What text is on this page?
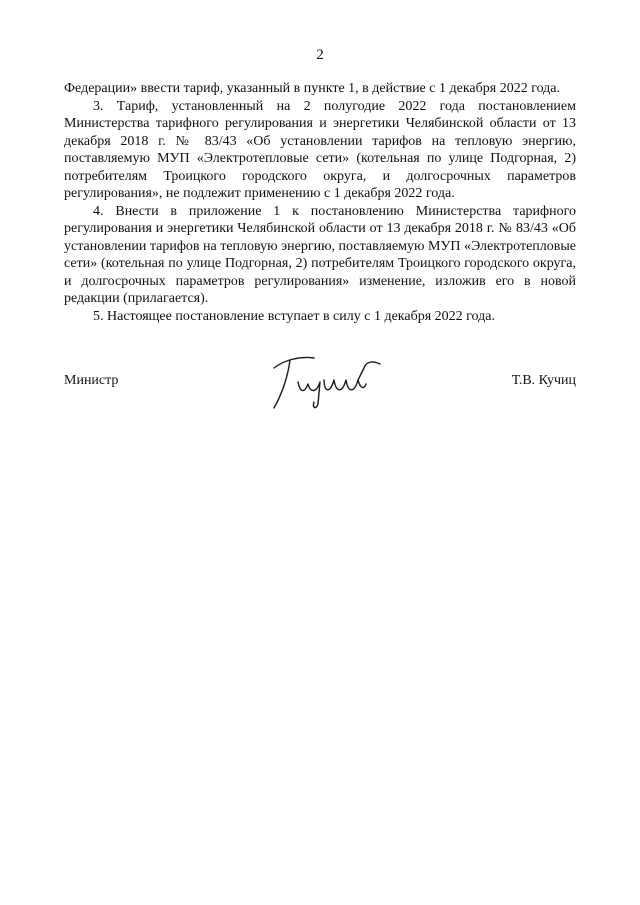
2

Федерации» ввести тариф, указанный в пункте 1, в действие с 1 декабря 2022 года.

3. Тариф, установленный на 2 полугодие 2022 года постановлением Министерства тарифного регулирования и энергетики Челябинской области от 13 декабря 2018 г. № 83/43 «Об установлении тарифов на тепловую энергию, поставляемую МУП «Электротепловые сети» (котельная по улице Подгорная, 2) потребителям Троицкого городского округа, и долгосрочных параметров регулирования», не подлежит применению с 1 декабря 2022 года.

4. Внести в приложение 1 к постановлению Министерства тарифного регулирования и энергетики Челябинской области от 13 декабря 2018 г. № 83/43 «Об установлении тарифов на тепловую энергию, поставляемую МУП «Электротепловые сети» (котельная по улице Подгорная, 2) потребителям Троицкого городского округа, и долгосрочных параметров регулирования» изменение, изложив его в новой редакции (прилагается).

5. Настоящее постановление вступает в силу с 1 декабря 2022 года.

Министр	Т.В. Кучиц
